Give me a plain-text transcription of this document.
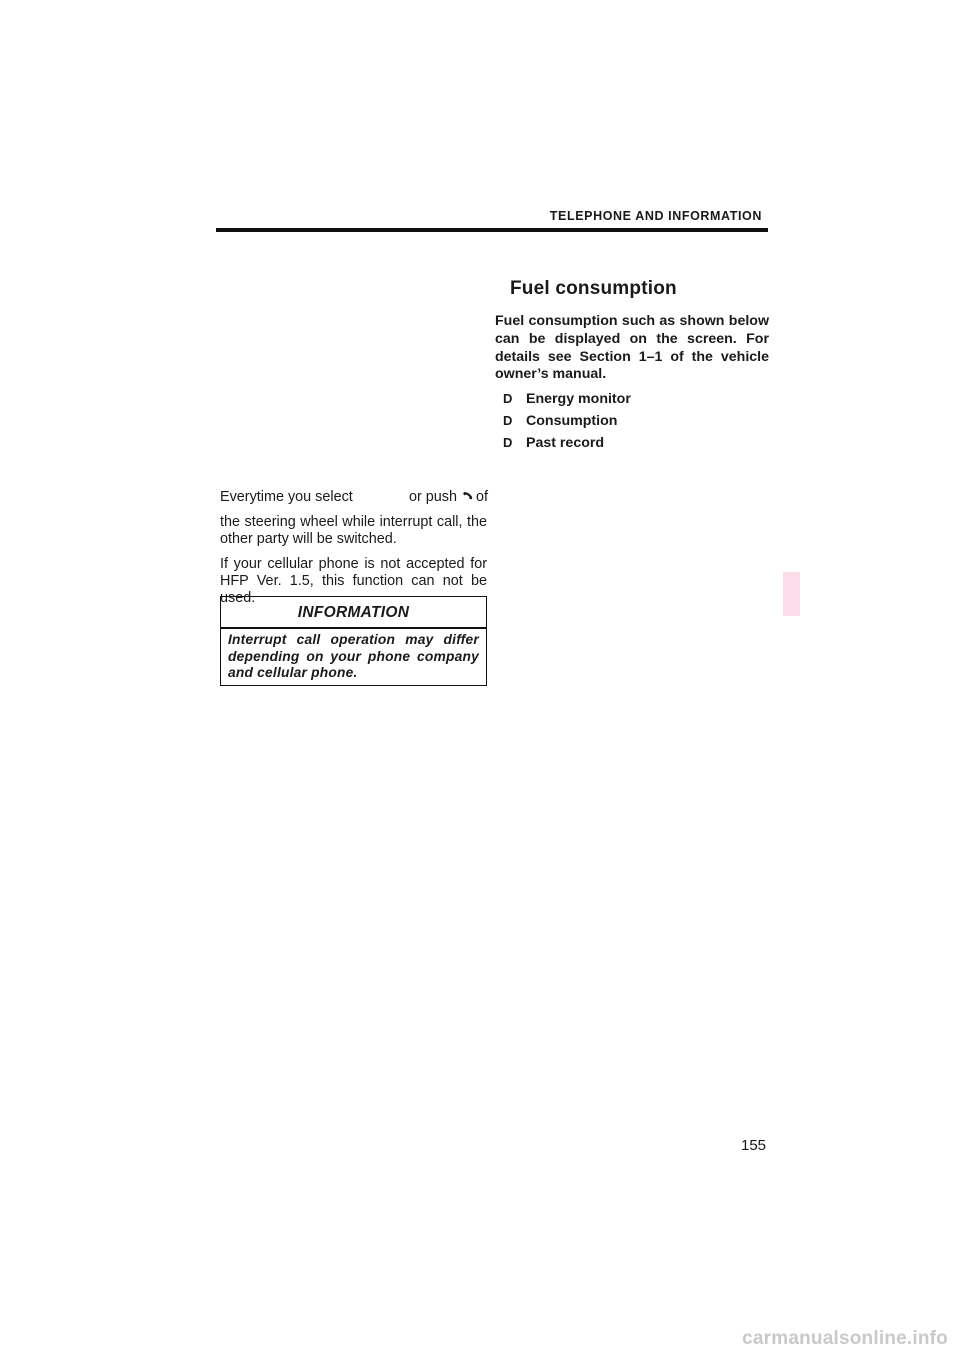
TELEPHONE AND INFORMATION
Everytime you select	or push of

the steering wheel while interrupt call, the other party will be switched.

If your cellular phone is not accepted for HFP Ver. 1.5, this function can not be used.

INFORMATION
Interrupt call operation may differ depending on your phone company and cellular phone.
Fuel consumption

Fuel consumption such as shown below can be displayed on the screen. For details see Section 1–1 of the vehicle owner’s manual.

D Energy monitor
D Consumption
D Past record
155
carmanualsonline.info
